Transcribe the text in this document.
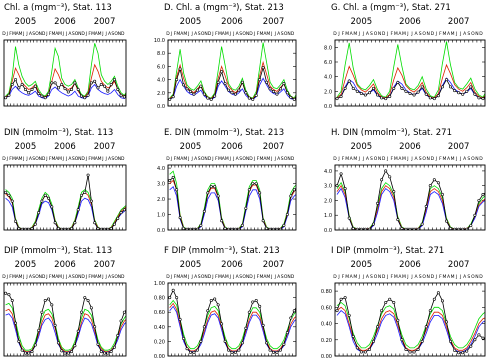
Chl. a (mgm⁻³), Stat. 113
2005 2006 2007
D J F M A M J J A S O N D J F M A M J J A S O N D J F M A M J J A S O N D
D. Chl. a (mgm⁻³), Stat. 213
2005 2006 2007
D J F M A M J J A S O N D J F M A M J J A S O N D J F M A M J J A S O N D
0.0
2.0
4.0
6.0
8.0
10.0
G. Chl. a (mgm⁻³), Stat. 271
2005	2006	2007
D J F M A M J J A S O N D J F M A M J J A S O N D J F M A M J J A S O N D
0.0
2.0
4.0
6.0
8.0
DIN (mmolm⁻³), Stat. 113
2005 2006 2007
D J F M A M J J A S O N D J F M A M J J A S O N D J F M A M J J A S O N D
E. DIN (mmolm⁻³), Stat. 213
2005 2006 2007
D J F M A M J J A S O N D J F M A M J J A S O N D J F M A M J J A S O N D
0.0
1.0
2.0
3.0
4.0
H. DIN (mmolm⁻³), Stat. 271
2005	2006	2007
D J F M A M J J A S O N D J F M A M J J A S O N D J F M A M J J A S O N D
0.0
1.0
2.0
3.0
4.0
DIP (mmolm⁻³), Stat. 113
2005 2006 2007
D J F M A M J J A S O N D J F M A M J J A S O N D J F M A M J J A S O N D
F DIP (mmolm⁻³), Stat. 213
2005 2006 2007
D J F M A M J J A S O N D J F M A M J J A S O N D J F M A M J J A S O N D
0.00
0.20
0.40
0.60
0.80
1.00
I DIP (mmolm⁻³), Stat. 271
2005	2006	2007
D J F M A M J J A S O N D J F M A M J J A S O N D J F M A M J J A S O N D
0.00
0.20
0.40
0.60
0.80
